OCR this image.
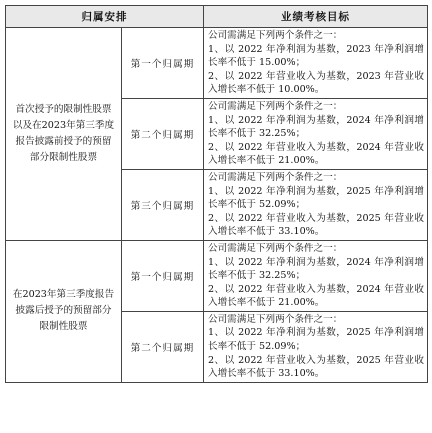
归属安排		业绩考核目标
首次授予的限制性股票以及在2023年第三季度报告披露前授予的预留部分限制性股票	第一个归属期	公司需满足下列两个条件之一：
1、以 2022 年净利润为基数，2023 年净利润增长率不低于 15.00%；
2、以 2022 年营业收入为基数，2023 年营业收入增长率不低于 10.00%。

	第二个归属期	公司需满足下列两个条件之一：
1、以 2022 年净利润为基数，2024 年净利润增长率不低于 32.25%；
2、以 2022 年营业收入为基数，2024 年营业收入增长率不低于 21.00%。

	第三个归属期	公司需满足下列两个条件之一：
1、以 2022 年净利润为基数，2025 年净利润增长率不低于 52.09%；
2、以 2022 年营业收入为基数，2025 年营业收入增长率不低于 33.10%。

在2023年第三季度报告披露后授予的预留部分限制性股票	第一个归属期	公司需满足下列两个条件之一：
1、以 2022 年净利润为基数，2024 年净利润增长率不低于 32.25%；
2、以 2022 年营业收入为基数，2024 年营业收入增长率不低于 21.00%。

	第二个归属期	公司需满足下列两个条件之一：
1、以 2022 年净利润为基数，2025 年净利润增长率不低于 52.09%；
2、以 2022 年营业收入为基数，2025 年营业收入增长率不低于 33.10%。
